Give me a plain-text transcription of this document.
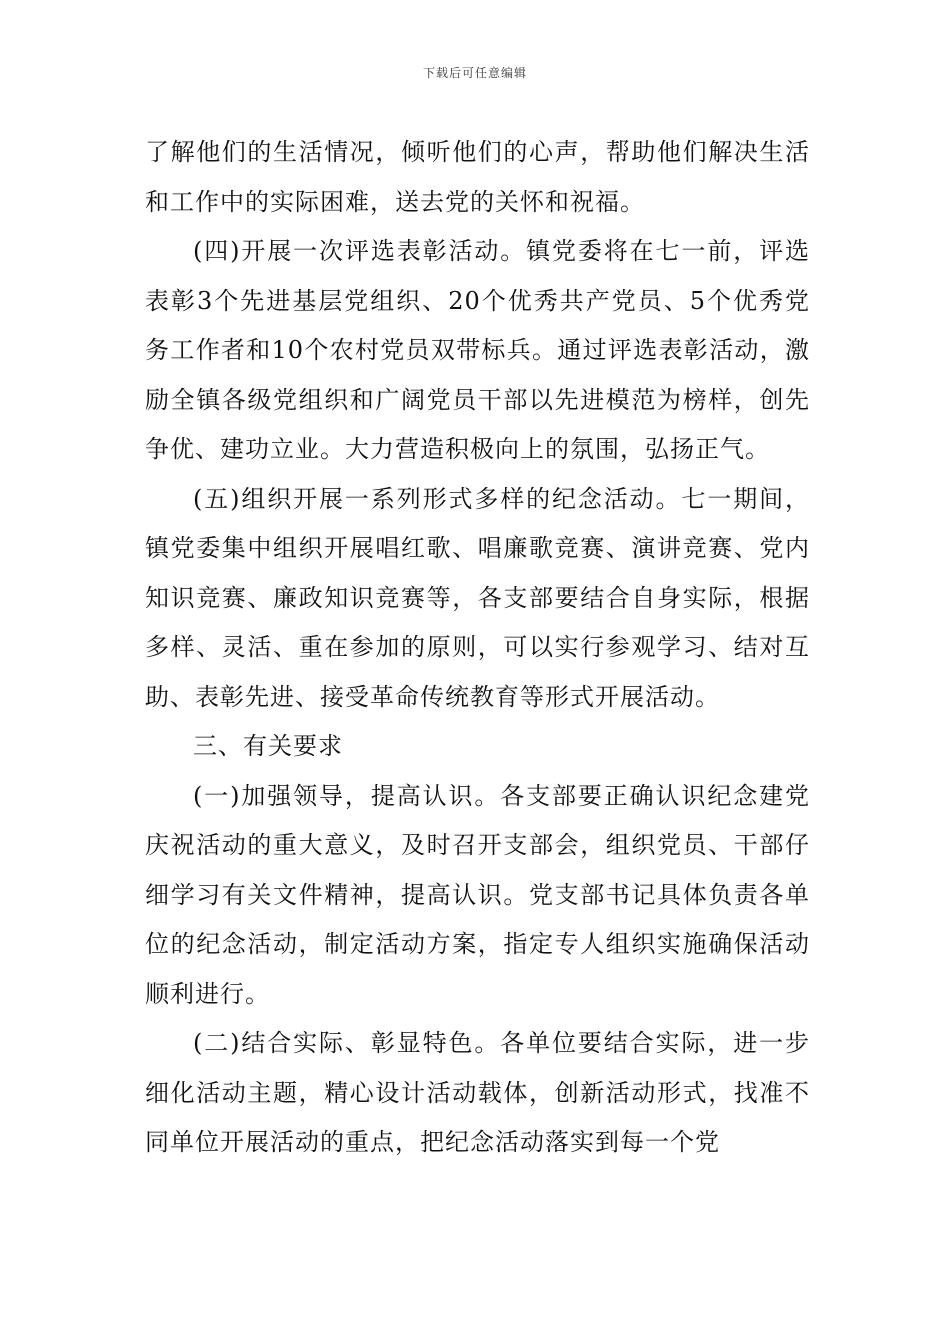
下载后可任意编辑

了解他们的生活情况，倾听他们的心声，帮助他们解决生活和工作中的实际困难，送去党的关怀和祝福。

(四)开展一次评选表彰活动。镇党委将在七一前，评选表彰3个先进基层党组织、20个优秀共产党员、5个优秀党务工作者和10个农村党员双带标兵。通过评选表彰活动，激励全镇各级党组织和广阔党员干部以先进模范为榜样，创先争优、建功立业。大力营造积极向上的氛围，弘扬正气。

(五)组织开展一系列形式多样的纪念活动。七一期间，镇党委集中组织开展唱红歌、唱廉歌竞赛、演讲竞赛、党内知识竞赛、廉政知识竞赛等，各支部要结合自身实际，根据多样、灵活、重在参加的原则，可以实行参观学习、结对互助、表彰先进、接受革命传统教育等形式开展活动。

三、有关要求

(一)加强领导，提高认识。各支部要正确认识纪念建党庆祝活动的重大意义，及时召开支部会，组织党员、干部仔细学习有关文件精神，提高认识。党支部书记具体负责各单位的纪念活动，制定活动方案，指定专人组织实施确保活动顺利进行。

(二)结合实际、彰显特色。各单位要结合实际，进一步细化活动主题，精心设计活动载体，创新活动形式，找准不同单位开展活动的重点，把纪念活动落实到每一个党
